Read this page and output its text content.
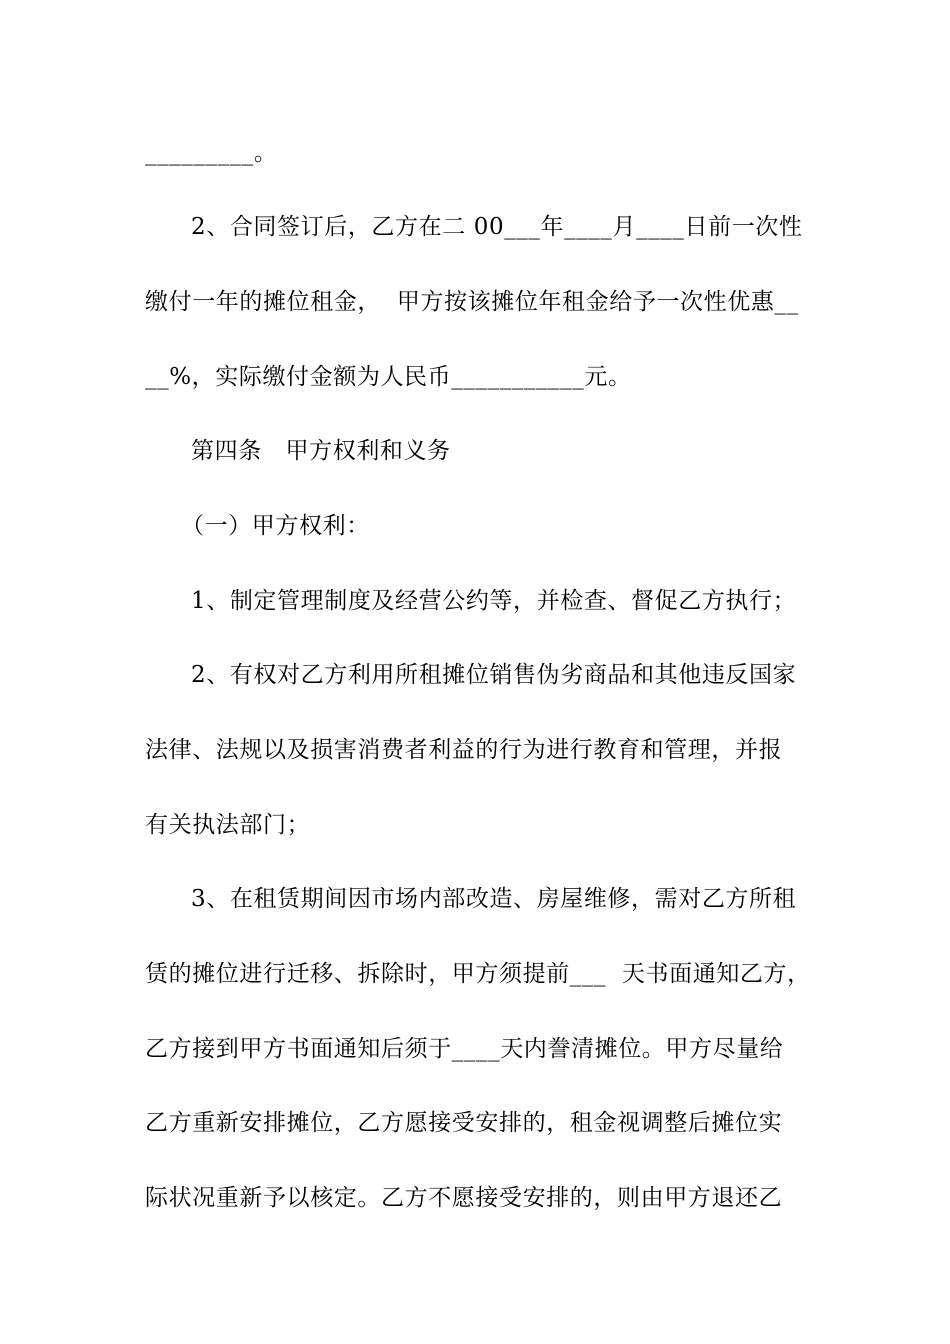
_________。
2、合同签订后，乙方在二 00___年____月____日前一次性
缴付一年的摊位租金，  甲方按该摊位年租金给予一次性优惠__
__%，实际缴付金额为人民币___________元。
第四条   甲方权利和义务
（一）甲方权利：
1、制定管理制度及经营公约等，并检查、督促乙方执行；
2、有权对乙方利用所租摊位销售伪劣商品和其他违反国家
法律、法规以及损害消费者利益的行为进行教育和管理，并报
有关执法部门；
3、在租赁期间因市场内部改造、房屋维修，需对乙方所租
赁的摊位进行迁移、拆除时，甲方须提前___  天书面通知乙方，
乙方接到甲方书面通知后须于____天内誊清摊位。甲方尽量给
乙方重新安排摊位，乙方愿接受安排的，租金视调整后摊位实
际状况重新予以核定。乙方不愿接受安排的，则由甲方退还乙
